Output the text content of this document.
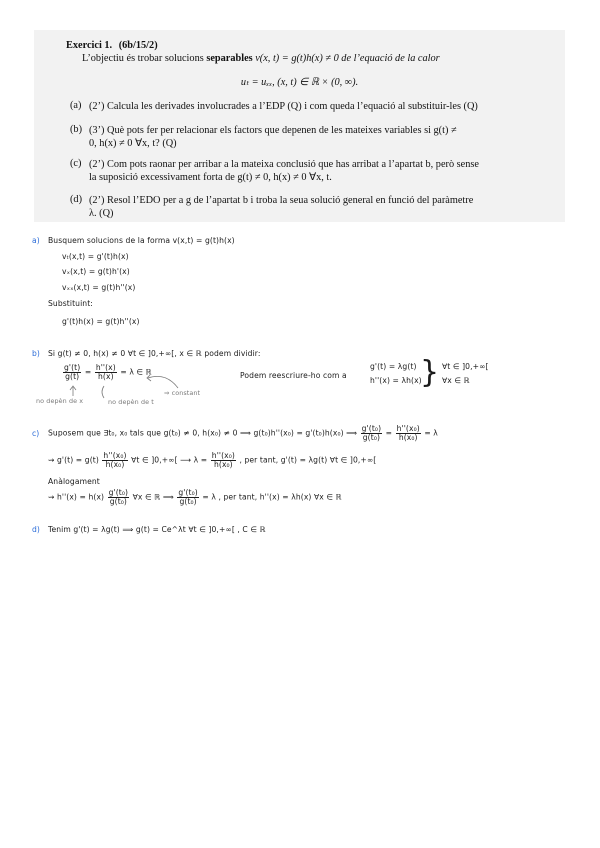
Exercici 1. (6b/15/2)
L’objectiu és trobar solucions separables v(x, t) = g(t)h(x) ≠ 0 de l’equació de la calor
uₜ = uₓₓ, (x, t) ∈ ℝ × (0, ∞).
(a) (2’) Calcula les derivades involucrades a l’EDP (Q) i com queda l’equació al substituir-les (Q)
(b) (3’) Què pots fer per relacionar els factors que depenen de les mateixes variables si g(t) ≠
0, h(x) ≠ 0 ∀x, t? (Q)
(c) (2’) Com pots raonar per arribar a la mateixa conclusió que has arribat a l’apartat b, però sense
la suposició excessivament forta de g(t) ≠ 0, h(x) ≠ 0 ∀x, t.
(d) (2’) Resol l’EDO per a g de l’apartat b i troba la seua solució general en funció del paràmetre
λ. (Q)
a) Busquem solucions de la forma v(x,t) = g(t)h(x)
vₜ(x,t) = g'(t)h(x)
vₓ(x,t) = g(t)h'(x)
vₓₓ(x,t) = g(t)h''(x)
Substituint:
g'(t)h(x) = g(t)h''(x)
b) Si g(t) ≠ 0, h(x) ≠ 0 ∀t ∈ ]0,+∞[, x ∈ ℝ podem dividir:
$\frac{g'(t)}{g(t)} = \frac{h''(x)}{h(x)} = \lambda$ ∈ ℝ
no depèn de x	no depèn de t
⇒ constant
Podem reescriure-ho com a
g'(t) = λg(t)
h''(x) = λh(x)
} ∀t ∈ ]0,+∞[
∀x ∈ ℝ
c) Suposem que ∃t₀, x₀ tals que g(t₀) ≠ 0, h(x₀) ≠ 0 ⟹ g(t₀)h''(x₀) = g'(t₀)h(x₀) ⟹ $\frac{\text{g'(t₀)}}{\text{g(t₀)}} = \frac{\text{h''(x₀)}}{\text{h(x₀)}} = \lambda$
⇝ $g'(t) = g(t) \frac{\text{h''(x₀)}}{\text{h(x₀)}}$ ∀t ∈ ]0,+∞[ ⟶ $\lambda = \frac{\text{h''(x₀)}}{\text{h(x₀)}}$ , per tant, g'(t) = λg(t) ∀t ∈ ]0,+∞[
Anàlogament
⇝ $h''(x) = h(x) \frac{\text{g'(t₀)}}{\text{g(t₀)}}$ ∀x ∈ ℝ ⟹ $\frac{\text{g'(t₀)}}{\text{g(t₀)}} = \lambda$ , per tant, h''(x) = λh(x) ∀x ∈ ℝ
d) Tenim g'(t) = λg(t) ⟹ g(t) = Ce^λt ∀t ∈ ]0,+∞[ , C ∈ ℝ
